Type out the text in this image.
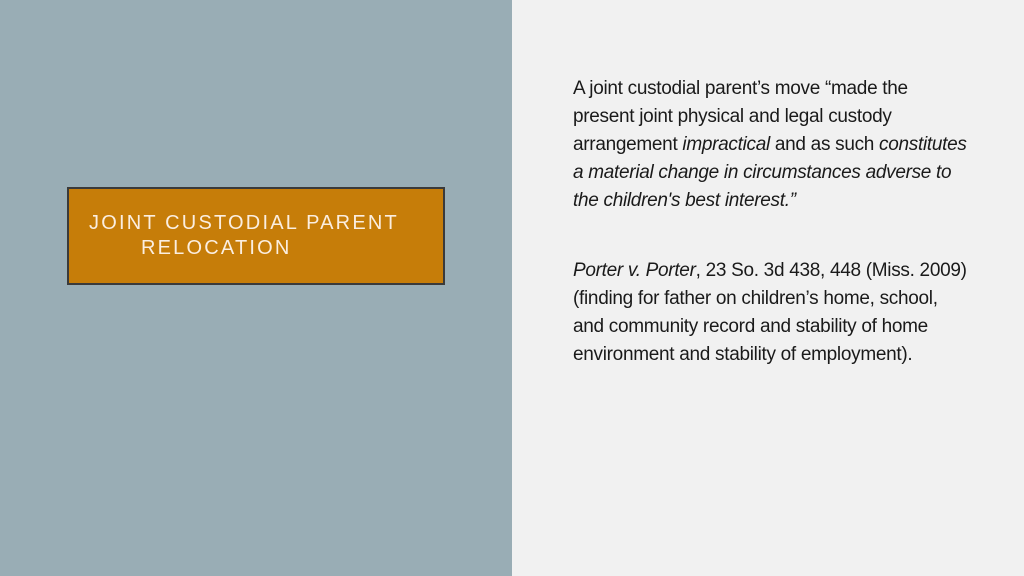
JOINT CUSTODIAL PARENT
RELOCATION

A joint custodial parent’s move “made the present joint physical and legal custody arrangement impractical and as such constitutes a material change in circumstances adverse to the children's best interest.”

Porter v. Porter, 23 So. 3d 438, 448 (Miss. 2009) (finding for father on children’s home, school, and community record and stability of home environment and stability of employment).
